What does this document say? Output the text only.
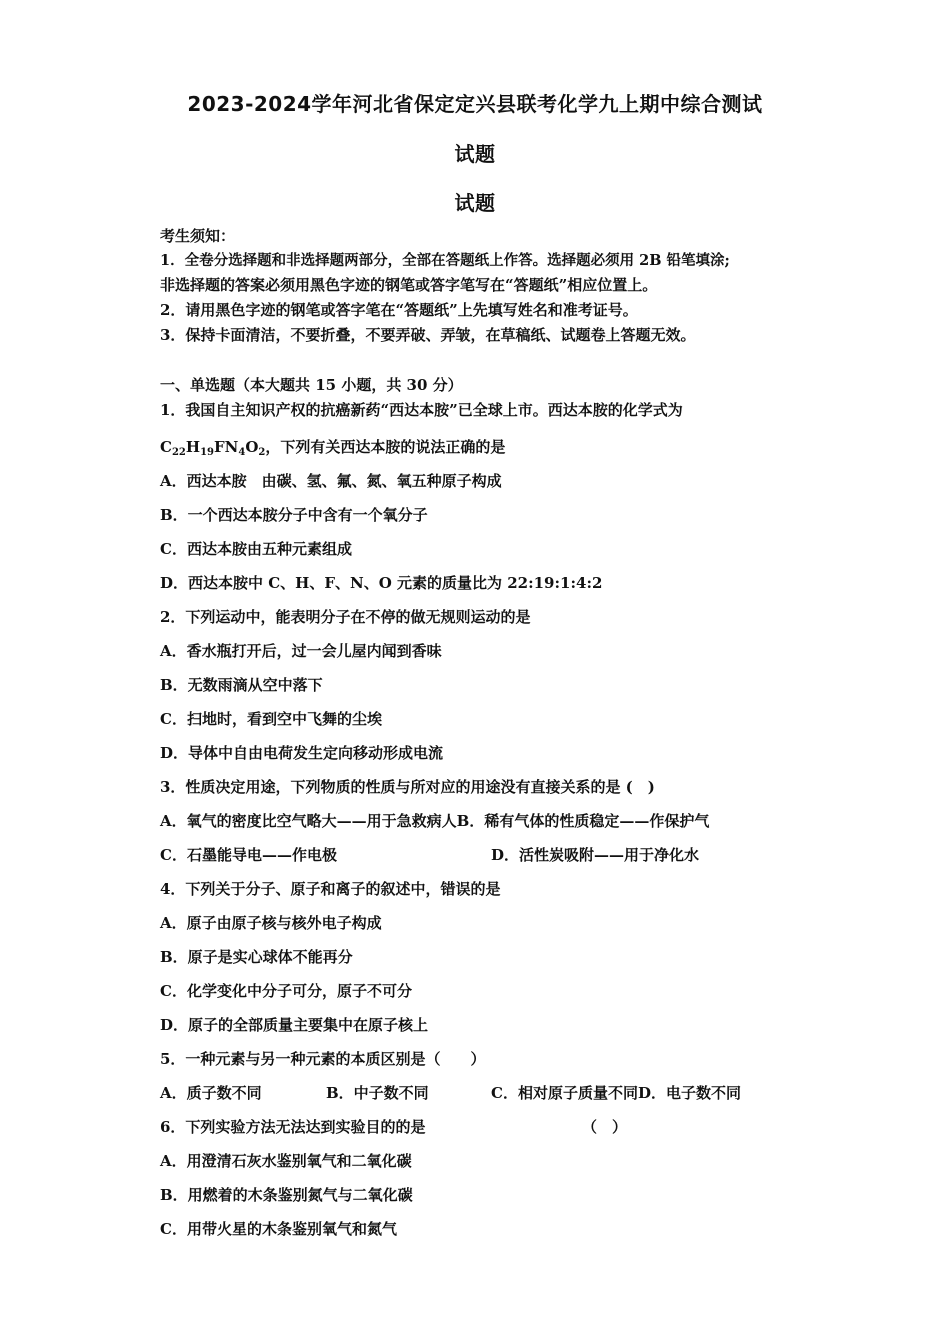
2023-2024学年河北省保定定兴县联考化学九上期中综合测试
试题
试题
考生须知：
1．全卷分选择题和非选择题两部分，全部在答题纸上作答。选择题必须用 2B 铅笔填涂;
非选择题的答案必须用黑色字迹的钢笔或答字笔写在“答题纸”相应位置上。
2．请用黑色字迹的钢笔或答字笔在“答题纸”上先填写姓名和准考证号。
3．保持卡面清洁，不要折叠，不要弄破、弄皱，在草稿纸、试题卷上答题无效。
一、单选题（本大题共 15 小题，共 30 分）
1．我国自主知识产权的抗癌新药“西达本胺”已全球上市。西达本胺的化学式为
$C_{22}H_{19}FN_4O_2$，下列有关西达本胺的说法正确的是
A．西达本胺　由碳、氢、氟、氮、氧五种原子构成
B．一个西达本胺分子中含有一个氧分子
C．西达本胺由五种元素组成
D．西达本胺中 C、H、F、N、O 元素的质量比为 22:19:1:4:2
2．下列运动中，能表明分子在不停的做无规则运动的是
A．香水瓶打开后，过一会儿屋内闻到香味
B．无数雨滴从空中落下
C．扫地时，看到空中飞舞的尘埃
D．导体中自由电荷发生定向移动形成电流
3．性质决定用途，下列物质的性质与所对应的用途没有直接关系的是 (　)
A．氧气的密度比空气略大——用于急救病人B．稀有气体的性质稳定——作保护气
C．石墨能导电——作电极	D．活性炭吸附——用于净化水
4．下列关于分子、原子和离子的叙述中，错误的是
A．原子由原子核与核外电子构成
B．原子是实心球体不能再分
C．化学变化中分子可分，原子不可分
D．原子的全部质量主要集中在原子核上
5．一种元素与另一种元素的本质区别是（　　）
A．质子数不同	B．中子数不同	C．相对原子质量不同D．电子数不同
6．下列实验方法无法达到实验目的的是	（　）
A．用澄清石灰水鉴别氧气和二氧化碳
B．用燃着的木条鉴别氮气与二氧化碳
C．用带火星的木条鉴别氧气和氮气
